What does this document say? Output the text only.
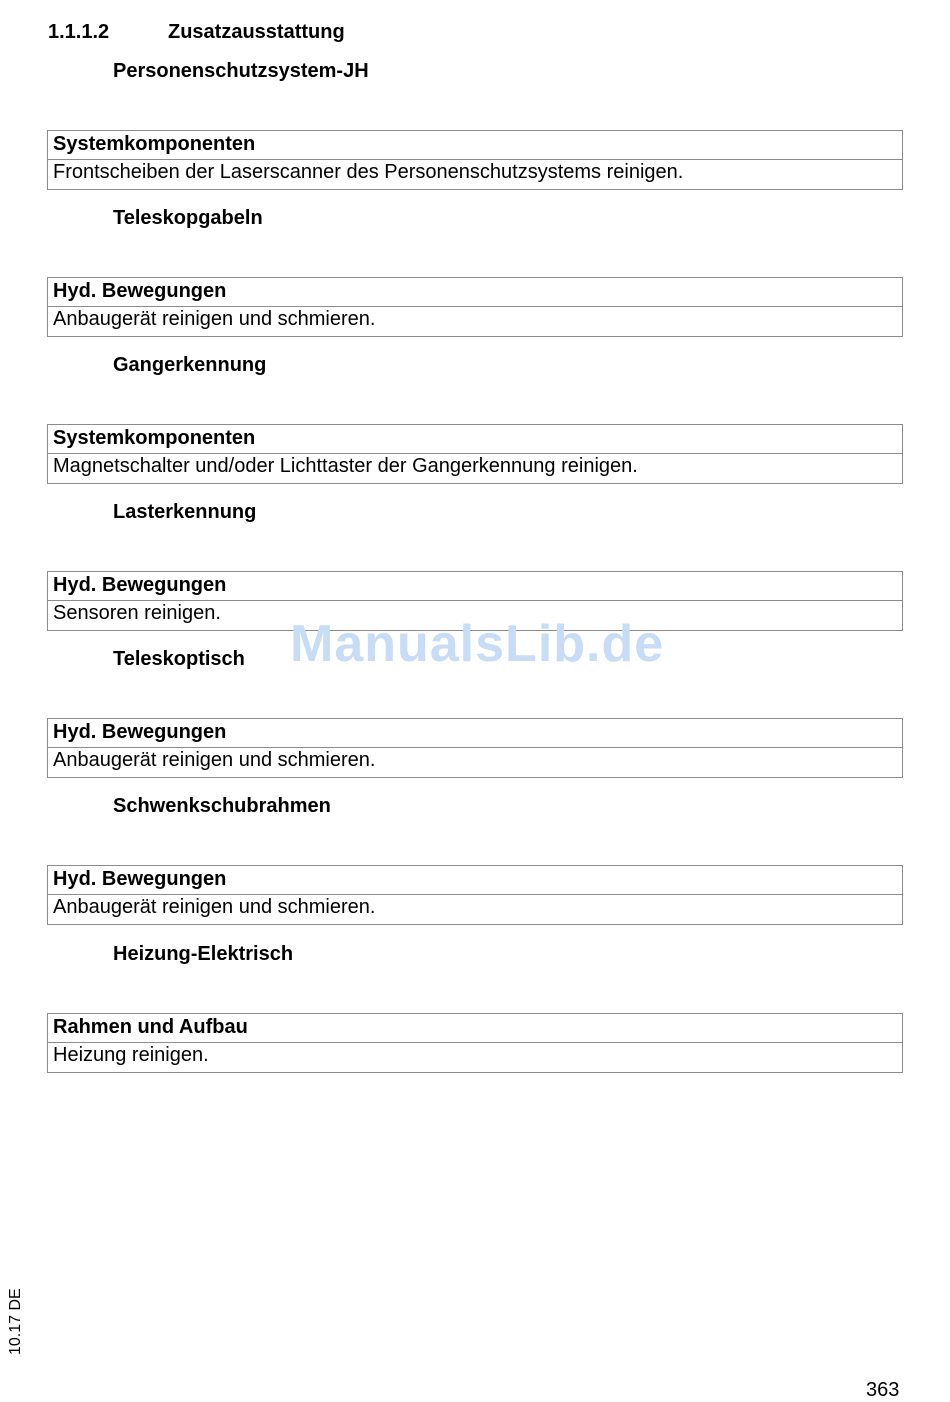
1.1.1.2	Zusatzausstattung
Personenschutzsystem-JH
Systemkomponenten
Frontscheiben der Laserscanner des Personenschutzsystems reinigen.
Teleskopgabeln
Hyd. Bewegungen
Anbaugerät reinigen und schmieren.
Gangerkennung
Systemkomponenten
Magnetschalter und/oder Lichttaster der Gangerkennung reinigen.
Lasterkennung
Hyd. Bewegungen
Sensoren reinigen.
Teleskoptisch
Hyd. Bewegungen
Anbaugerät reinigen und schmieren.
Schwenkschubrahmen
Hyd. Bewegungen
Anbaugerät reinigen und schmieren.
Heizung-Elektrisch
Rahmen und Aufbau
Heizung reinigen.
ManualsLib.de
10.17 DE
363
